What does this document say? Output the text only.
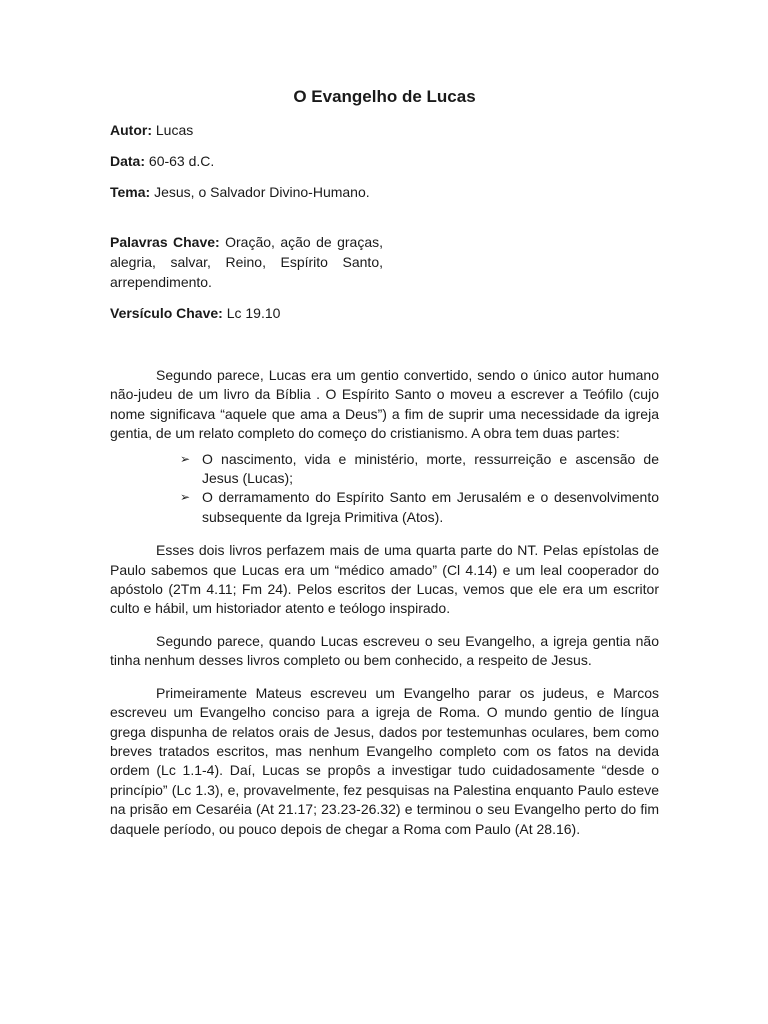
O Evangelho de Lucas

Autor: Lucas

Data: 60-63 d.C.

Tema: Jesus, o Salvador Divino-Humano.

Palavras Chave: Oração, ação de graças, alegria, salvar, Reino, Espírito Santo, arrependimento.

Versículo Chave: Lc 19.10

Segundo parece, Lucas era um gentio convertido, sendo o único autor humano não-judeu de um livro da Bíblia . O Espírito Santo o moveu a escrever a Teófilo (cujo nome significava “aquele que ama a Deus”) a fim de suprir uma necessidade da igreja gentia, de um relato completo do começo do cristianismo. A obra tem duas partes:

➢ O nascimento, vida e ministério, morte, ressurreição e ascensão de Jesus (Lucas);
➢ O derramamento do Espírito Santo em Jerusalém e o desenvolvimento subsequente da Igreja Primitiva (Atos).

Esses dois livros perfazem mais de uma quarta parte do NT. Pelas epístolas de Paulo sabemos que Lucas era um “médico amado” (Cl 4.14) e um leal cooperador do apóstolo (2Tm 4.11; Fm 24). Pelos escritos der Lucas, vemos que ele era um escritor culto e hábil, um historiador atento e teólogo inspirado.

Segundo parece, quando Lucas escreveu o seu Evangelho, a igreja gentia não tinha nenhum desses livros completo ou bem conhecido, a respeito de Jesus.

Primeiramente Mateus escreveu um Evangelho parar os judeus, e Marcos escreveu um Evangelho conciso para a igreja de Roma. O mundo gentio de língua grega dispunha de relatos orais de Jesus, dados por testemunhas oculares, bem como breves tratados escritos, mas nenhum Evangelho completo com os fatos na devida ordem (Lc 1.1-4). Daí, Lucas se propôs a investigar tudo cuidadosamente “desde o princípio” (Lc 1.3), e, provavelmente, fez pesquisas na Palestina enquanto Paulo esteve na prisão em Cesaréia (At 21.17; 23.23-26.32) e terminou o seu Evangelho perto do fim daquele período, ou pouco depois de chegar a Roma com Paulo (At 28.16).
